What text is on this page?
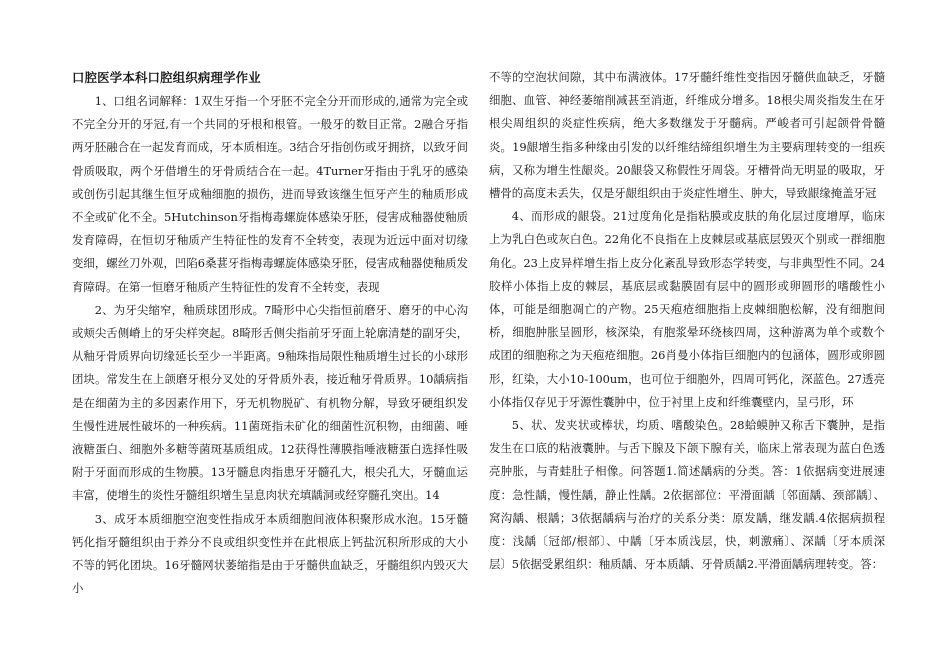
口腔医学本科口腔组织病理学作业

1、口组名词解释：1双生牙指一个牙胚不完全分开而形成的,通常为完全或不完全分开的牙冠,有一个共同的牙根和根管。一般牙的数目正常。2融合牙指两牙胚融合在一起发育而成，牙本质相连。3结合牙指创伤或牙拥挤，以致牙间骨质吸取，两个牙借增生的牙骨质结合在一起。4Turner牙指由于乳牙的感染或创伤引起其继生恒牙成釉细胞的损伤，进而导致该继生恒牙产生的釉质形成不全或矿化不全。5Hutchinson牙指梅毒螺旋体感染牙胚，侵害成釉器使釉质发育障碍，在恒切牙釉质产生特征性的发育不全转变，表现为近远中面对切缘变细，螺丝刀外观，凹陷6桑葚牙指梅毒螺旋体感染牙胚，侵害成釉器使釉质发育障碍。在第一恒磨牙釉质产生特征性的发育不全转变，表现

2、为牙尖缩窄，釉质球团形成。7畸形中心尖指恒前磨牙、磨牙的中心沟或颊尖舌侧嵴上的牙尖样突起。8畸形舌侧尖指前牙牙面上轮廓清楚的副牙尖，从釉牙骨质界向切缘延长至少一半距离。9釉珠指局限性釉质增生过长的小球形团块。常发生在上颌磨牙根分叉处的牙骨质外表，接近釉牙骨质界。10龋病指是在细菌为主的多因素作用下，牙无机物脱矿、有机物分解，导致牙硬组织发生慢性进展性破坏的一种疾病。11菌斑指未矿化的细菌性沉积物，由细菌、唾液糖蛋白、细胞外多糖等菌斑基质组成。12获得性薄膜指唾液糖蛋白选择性吸附于牙面而形成的生物膜。13牙髓息肉指患牙牙髓孔大，根尖孔大，牙髓血运丰富，使增生的炎性牙髓组织增生呈息肉状充填龋洞或经穿髓孔突出。14

3、成牙本质细胞空泡变性指成牙本质细胞间液体积聚形成水泡。15牙髓钙化指牙髓组织由于养分不良或组织变性并在此根底上钙盐沉积所形成的大小不等的钙化团块。16牙髓网状萎缩指是由于牙髓供血缺乏，牙髓组织内毁灭大小

不等的空泡状间隙，其中布满液体。17牙髓纤维性变指因牙髓供血缺乏，牙髓细胞、血管、神经萎缩削减甚至消逝，纤维成分增多。18根尖周炎指发生在牙根尖周组织的炎症性疾病，绝大多数继发于牙髓病。严峻者可引起颌骨骨髓炎。19龈增生指多种缘由引发的以纤维结缔组织增生为主要病理转变的一组疾病，又称为增生性龈炎。20龈袋又称假性牙周袋。牙槽骨尚无明显的吸取，牙槽骨的高度未丢失，仅是牙龈组织由于炎症性增生、肿大，导致龈缘掩盖牙冠

4、而形成的龈袋。21过度角化是指粘膜或皮肤的角化层过度增厚，临床上为乳白色或灰白色。22角化不良指在上皮棘层或基底层毁灭个别或一群细胞角化。23上皮异样增生指上皮分化紊乱导致形态学转变，与非典型性不同。24胶样小体指上皮的棘层，基底层或黏膜固有层中的圆形或卵圆形的嗜酸性小体，可能是细胞凋亡的产物。25天疱疮细胞指上皮棘细胞松解，没有细胞间桥，细胞肿胀呈圆形，核深染，有胞浆晕环绕核四周，这种游离为单个或数个成团的细胞称之为天疱疮细胞。26肖曼小体指巨细胞内的包涵体，圆形或卵圆形，红染，大小10-100um，也可位于细胞外，四周可钙化，深蓝色。27透亮小体指仅存见于牙源性囊肿中，位于衬里上皮和纤维囊壁内，呈弓形，环

5、状、发夹状或棒状，均质、嗜酸染色。28蛤蟆肿又称舌下囊肿，是指发生在口底的粘液囊肿。与舌下腺及下颌下腺有关，临床上常表现为蓝白色透亮肿胀，与青蛙肚子相像。问答题1.简述龋病的分类。答：1依据病变进展速度：急性龋，慢性龋，静止性龋。2依据部位：平滑面龋〔邻面龋、颈部龋〕、窝沟龋、根龋；3依据龋病与治疗的关系分类：原发龋，继发龋.4依据病损程度：浅龋〔冠部/根部〕、中龋〔牙本质浅层，快，刺激痛〕、深龋〔牙本质深层〕5依据受累组织：釉质龋、牙本质龋、牙骨质龋2.平滑面龋病理转变。答：
